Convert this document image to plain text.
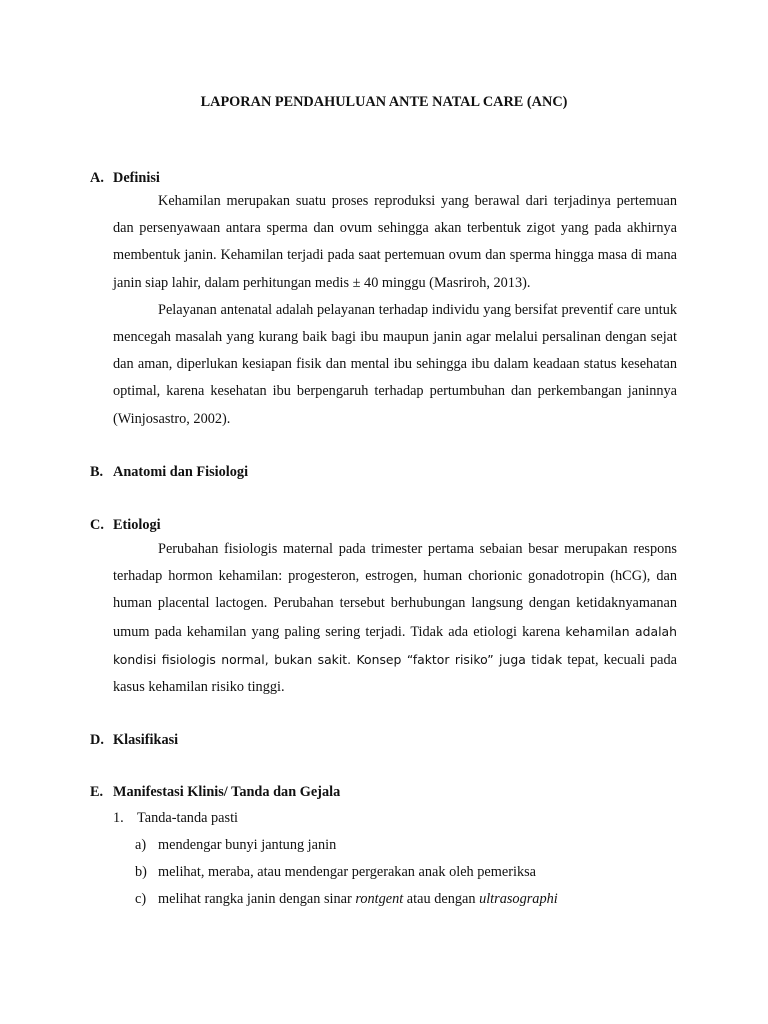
LAPORAN PENDAHULUAN ANTE NATAL CARE (ANC)
A. Definisi

Kehamilan merupakan suatu proses reproduksi yang berawal dari terjadinya pertemuan dan persenyawaan antara sperma dan ovum sehingga akan terbentuk zigot yang pada akhirnya membentuk janin. Kehamilan terjadi pada saat pertemuan ovum dan sperma hingga masa di mana janin siap lahir, dalam perhitungan medis ± 40 minggu (Masriroh, 2013).

Pelayanan antenatal adalah pelayanan terhadap individu yang bersifat preventif care untuk mencegah masalah yang kurang baik bagi ibu maupun janin agar melalui persalinan dengan sejat dan aman, diperlukan kesiapan fisik dan mental ibu sehingga ibu dalam keadaan status kesehatan optimal, karena kesehatan ibu berpengaruh terhadap pertumbuhan dan perkembangan janinnya (Winjosastro, 2002).

B. Anatomi dan Fisiologi
C. Etiologi

Perubahan fisiologis maternal pada trimester pertama sebaian besar merupakan respons terhadap hormon kehamilan: progesteron, estrogen, human chorionic gonadotropin (hCG), dan human placental lactogen. Perubahan tersebut berhubungan langsung dengan ketidaknyamanan umum pada kehamilan yang paling sering terjadi. Tidak ada etiologi karena kehamilan adalah kondisi fisiologis normal, bukan sakit. Konsep “faktor risiko” juga tidak tepat, kecuali pada kasus kehamilan risiko tinggi.

D. Klasifikasi
E. Manifestasi Klinis/ Tanda dan Gejala
1. Tanda-tanda pasti
a) mendengar bunyi jantung janin
b) melihat, meraba, atau mendengar pergerakan anak oleh pemeriksa
c) melihat rangka janin dengan sinar rontgent atau dengan ultrasographi
